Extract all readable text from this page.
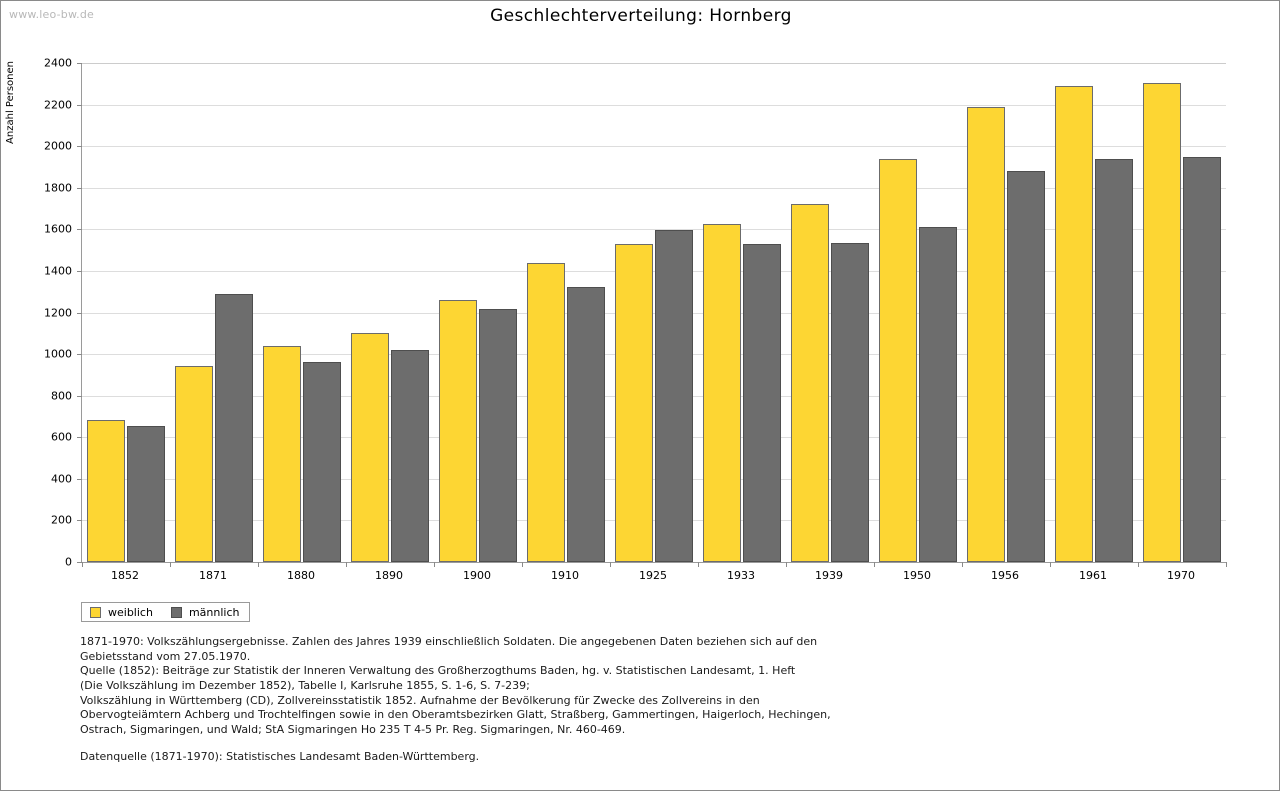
www.leo-bw.de	Geschlechterverteilung: Hornberg
Anzahl Personen
weiblich	männlich

1871-1970: Volkszählungsergebnisse. Zahlen des Jahres 1939 einschließlich Soldaten. Die angegebenen Daten beziehen sich auf den

Gebietsstand vom 27.05.1970.

Quelle (1852): Beiträge zur Statistik der Inneren Verwaltung des Großherzogthums Baden, hg. v. Statistischen Landesamt, 1. Heft

(Die Volkszählung im Dezember 1852), Tabelle I, Karlsruhe 1855, S. 1-6, S. 7-239;

Volkszählung in Württemberg (CD), Zollvereinsstatistik 1852. Aufnahme der Bevölkerung für Zwecke des Zollvereins in den

Obervogteiämtern Achberg und Trochtelfingen sowie in den Oberamtsbezirken Glatt, Straßberg, Gammertingen, Haigerloch, Hechingen,

Ostrach, Sigmaringen, und Wald; StA Sigmaringen Ho 235 T 4-5 Pr. Reg. Sigmaringen, Nr. 460-469.

Datenquelle (1871-1970): Statistisches Landesamt Baden-Württemberg.

0
200
400
600
800
1000
1200
1400
1600
1800
2000
2200
2400
1852	1871	1880	1890	1900	1910	1925	1933	1939	1950	1956	1961	1970
